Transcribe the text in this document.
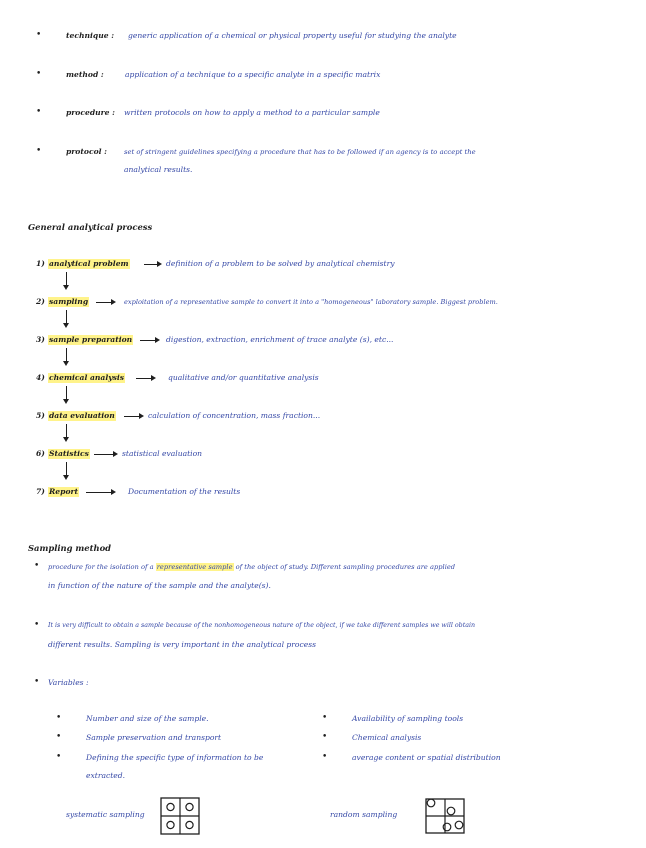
•	technique : generic application of a chemical or physical property useful for studying the analyte
•	method :	application of a technique to a specific analyte in a specific matrix
•	procedure : written protocols on how to apply a method to a particular sample
•	protocol :	set of stringent guidelines specifying a procedure that has to be followed if an agency is to accept the
analytical results.
General analytical process
1) analytical problem	definition of a problem to be solved by analytical chemistry
2) sampling	exploitation of a representative sample to convert it into a "homogeneous" laboratory sample. Biggest problem.
3) sample preparation	digestion, extraction, enrichment of trace analyte (s), etc...
4) chemical analysis	qualitative and/or quantitative analysis
5) data evaluation	calculation of concentration, mass fraction...
6) Statistics	statistical evaluation
7) Report	Documentation of the results
Sampling method
• procedure for the isolation of a representative sample of the object of study. Different sampling procedures are applied
in function of the nature of the sample and the analyte(s).
• It is very difficult to obtain a sample because of the nonhomogeneous nature of the object, if we take different samples we will obtain
different results. Sampling is very important in the analytical process
• Variables :
•	Number and size of the sample.
•	Sample preservation and transport
•	Defining the specific type of information to be
extracted.
•	Availability of sampling tools
•	Chemical analysis
•	average content or spatial distribution
systematic sampling	random sampling
